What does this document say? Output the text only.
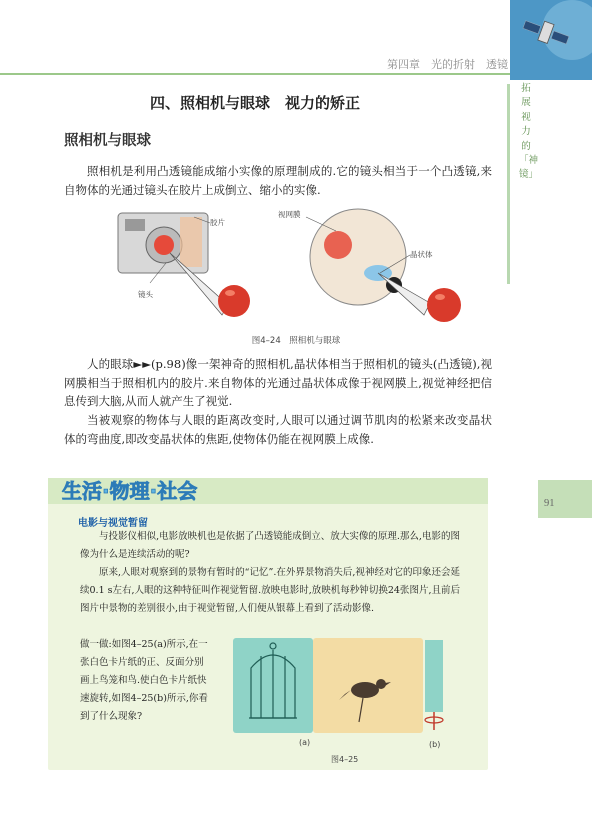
拓展视力的「神镜」
91
第四章　光的折射　透镜
四、照相机与眼球　视力的矫正
照相机与眼球

照相机是利用凸透镜能成缩小实像的原理制成的.它的镜头相当于一个凸透镜,来自物体的光通过镜头在胶片上成倒立、缩小的实像.

胶片
视网膜
晶状体
镜头
图4–24　照相机与眼球

人的眼球►►(p.98)像一架神奇的照相机,晶状体相当于照相机的镜头(凸透镜),视网膜相当于照相机内的胶片.来自物体的光通过晶状体成像于视网膜上,视觉神经把信息传到大脑,从而人就产生了视觉.

当被观察的物体与人眼的距离改变时,人眼可以通过调节肌肉的松紧来改变晶状体的弯曲度,即改变晶状体的焦距,使物体仍能在视网膜上成像.

生活·物理·社会
电影与视觉暂留

与投影仪相似,电影放映机也是依据了凸透镜能成倒立、放大实像的原理.那么,电影的图像为什么是连续活动的呢?

原来,人眼对观察到的景物有暂时的“记忆”.在外界景物消失后,视神经对它的印象还会延续0.1 s左右,人眼的这种特征叫作视觉暂留.放映电影时,放映机每秒钟切换24张图片,且前后图片中景物的差别很小,由于视觉暂留,人们便从银幕上看到了活动影像.

做一做:如图4–25(a)所示,在一张白色卡片纸的正、反面分别画上鸟笼和鸟.使白色卡片纸快速旋转,如图4–25(b)所示,你看到了什么现象?

(a)	(b)
图4–25
